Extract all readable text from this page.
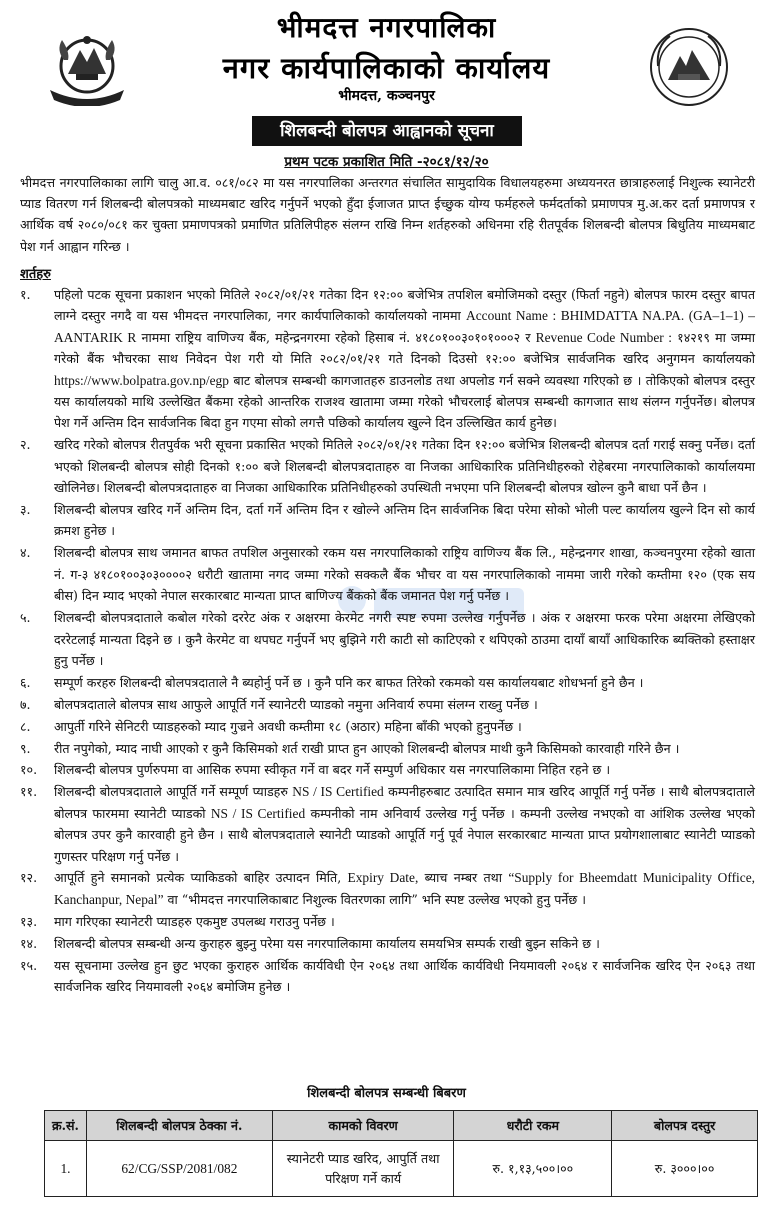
भीमदत्त नगरपालिका
नगर कार्यपालिकाको कार्यालय
भीमदत्त, कञ्चनपुर
शिलबन्दी बोलपत्र आह्वानको सूचना
प्रथम पटक प्रकाशित मिति -२०८१/१२/२०

भीमदत्त नगरपालिकाका लागि चालु आ.व. ०८१/०८२ मा यस नगरपालिका अन्तरगत संचालित सामुदायिक विधालयहरुमा अध्ययनरत छात्राहरुलाई निशुल्क स्यानेटरी प्याड वितरण गर्न शिलबन्दी बोलपत्रको माध्यमबाट खरिद गर्नुपर्ने भएको हुँदा ईजाजत प्राप्त ईच्छुक योग्य फर्महरुले फर्मदर्ताको प्रमाणपत्र मु.अ.कर दर्ता प्रमाणपत्र र आर्थिक वर्ष २०८०/०८१ कर चुक्ता प्रमाणपत्रको प्रमाणित प्रतिलिपीहरु संलग्न राखि निम्न शर्तहरुको अधिनमा रहि रीतपूर्वक शिलबन्दी बोलपत्र बिधुतिय माध्यमबाट पेश गर्न आह्वान गरिन्छ ।

शर्तहरु
१.	पहिलो पटक सूचना प्रकाशन भएको मितिले २०८२/०१/२१ गतेका दिन १२:०० बजेभित्र तपशिल बमोजिमको दस्तुर (फिर्ता नहुने) बोलपत्र फारम दस्तुर बापत लाग्ने दस्तुर नगदै वा यस भीमदत्त नगरपालिका, नगर कार्यपालिकाको कार्यालयको नाममा Account Name : BHIMDATTA NA.PA. (GA–1–1) –AANTARIK R नाममा राष्ट्रिय वाणिज्य बैंक, महेन्द्रनगरमा रहेको हिसाब नं. ४१८०१००३०१०१०००२ र Revenue Code Number : १४२१९ मा जम्मा गरेको बैंक भौचरका साथ निवेदन पेश गरी यो मिति २०८२/०१/२१ गते दिनको दिउसो १२:०० बजेभित्र सार्वजनिक खरिद अनुगमन कार्यालयको https://www.bolpatra.gov.np/egp बाट बोलपत्र सम्बन्धी कागजातहरु डाउनलोड तथा अपलोड गर्न सक्ने व्यवस्था गरिएको छ । तोकिएको बोलपत्र दस्तुर यस कार्यालयको माथि उल्लेखित बैंकमा रहेको आन्तरिक राजश्व खातामा जम्मा गरेको भौचरलाई बोलपत्र सम्बन्धी कागजात साथ संलग्न गर्नुपर्नेछ। बोलपत्र पेश गर्ने अन्तिम दिन सार्वजनिक बिदा हुन गएमा सोको लगत्तै पछिको कार्यालय खुल्ने दिन उल्लिखित कार्य हुनेछ।
२.	खरिद गरेको बोलपत्र रीतपुर्वक भरी सूचना प्रकासित भएको मितिले २०८२/०१/२१ गतेका दिन १२:०० बजेभित्र शिलबन्दी बोलपत्र दर्ता गराई सक्नु पर्नेछ। दर्ता भएको शिलबन्दी बोलपत्र सोही दिनको १:०० बजे शिलबन्दी बोलपत्रदाताहरु वा निजका आधिकारिक प्रतिनिधीहरुको रोहेबरमा नगरपालिकाको कार्यालयमा खोलिनेछ। शिलबन्दी बोलपत्रदाताहरु वा निजका आधिकारिक प्रतिनिधीहरुको उपस्थिती नभएमा पनि शिलबन्दी बोलपत्र खोल्न कुनै बाधा पर्ने छैन ।
३.	शिलबन्दी बोलपत्र खरिद गर्ने अन्तिम दिन, दर्ता गर्ने अन्तिम दिन र खोल्ने अन्तिम दिन सार्वजनिक बिदा परेमा सोको भोली पल्ट कार्यालय खुल्ने दिन सो कार्य क्रमश हुनेछ ।
४.	शिलबन्दी बोलपत्र साथ जमानत बाफत तपशिल अनुसारको रकम यस नगरपालिकाको राष्ट्रिय वाणिज्य बैंक लि., महेन्द्रनगर शाखा, कञ्चनपुरमा रहेको खाता नं. ग-३ ४१८०१००३०३००००२ धरौटी खातामा नगद जम्मा गरेको सक्कलै बैंक भौचर वा यस नगरपालिकाको नाममा जारी गरेको कम्तीमा १२० (एक सय बीस) दिन म्याद भएको नेपाल सरकारबाट मान्यता प्राप्त बाणिज्य बैंकको बैंक जमानत पेश गर्नु पर्नेछ ।
५.	शिलबन्दी बोलपत्रदाताले कबोल गरेको दररेट अंक र अक्षरमा केरमेट नगरी स्पष्ट रुपमा उल्लेख गर्नुपर्नेछ । अंक र अक्षरमा फरक परेमा अक्षरमा लेखिएको दररेटलाई मान्यता दिइने छ । कुनै केरमेट वा थपघट गर्नुपर्ने भए बुझिने गरी काटी सो काटिएको र थपिएको ठाउमा दायाँ बायाँ आधिकारिक ब्यक्तिको हस्ताक्षर हुनु पर्नेछ ।
६.	सम्पूर्ण करहरु शिलबन्दी बोलपत्रदाताले नै ब्यहोर्नु पर्ने छ । कुनै पनि कर बाफत तिरेको रकमको यस कार्यालयबाट शोधभर्ना हुने छैन ।
७.	बोलपत्रदाताले बोलपत्र साथ आफुले आपूर्ति गर्ने स्यानेटरी प्याडको नमुना अनिवार्य रुपमा संलग्न राख्नु पर्नेछ ।
८.	आपुर्ती गरिने सेनिटरी प्याडहरुको म्याद गुज्रने अवधी कम्तीमा १८ (अठार) महिना बाँकी भएको हुनुपर्नेछ ।
९.	रीत नपुगेको, म्याद नाघी आएको र कुनै किसिमको शर्त राखी प्राप्त हुन आएको शिलबन्दी बोलपत्र माथी कुनै किसिमको कारवाही गरिने छैन ।
१०.	शिलबन्दी बोलपत्र पुर्णरुपमा वा आसिक रुपमा स्वीकृत गर्ने वा बदर गर्ने सम्पुर्ण अधिकार यस नगरपालिकामा निहित रहने छ ।
११.	शिलबन्दी बोलपत्रदाताले आपूर्ति गर्ने सम्पूर्ण प्याडहरु NS / IS Certified कम्पनीहरुबाट उत्पादित समान मात्र खरिद आपूर्ति गर्नु पर्नेछ । साथै बोलपत्रदाताले बोलपत्र फारममा स्यानेटी प्याडको NS / IS Certified कम्पनीको नाम अनिवार्य उल्लेख गर्नु पर्नेछ । कम्पनी उल्लेख नभएको वा आंशिक उल्लेख भएको बोलपत्र उपर कुनै कारवाही हुने छैन । साथै बोलपत्रदाताले स्यानेटी प्याडको आपूर्ति गर्नु पूर्व नेपाल सरकारबाट मान्यता प्राप्त प्रयोगशालाबाट स्यानेटी प्याडको गुणस्तर परिक्षण गर्नु पर्नेछ ।
१२.	आपूर्ति हुने समानको प्रत्येक प्याकिडको बाहिर उत्पादन मिति, Expiry Date, ब्याच नम्बर तथा “Supply for Bheemdatt Municipality Office, Kanchanpur, Nepal” वा “भीमदत्त नगरपालिकाबाट निशुल्क वितरणका लागि” भनि स्पष्ट उल्लेख भएको हुनु पर्नेछ ।
१३.	माग गरिएका स्यानेटरी प्याडहरु एकमुष्ट उपलब्ध गराउनु पर्नेछ ।
१४.	शिलबन्दी बोलपत्र सम्बन्धी अन्य कुराहरु बुझ्नु परेमा यस नगरपालिकामा कार्यालय समयभित्र सम्पर्क राखी बुझ्न सकिने छ ।
१५.	यस सूचनामा उल्लेख हुन छुट भएका कुराहरु आर्थिक कार्यविधी ऐन २०६४ तथा आर्थिक कार्यविधी नियमावली २०६४ र सार्वजनिक खरिद ऐन २०६३ तथा सार्वजनिक खरिद नियमावली २०६४ बमोजिम हुनेछ ।
शिलबन्दी बोलपत्र सम्बन्धी बिबरण
क्र.सं.	शिलबन्दी बोलपत्र ठेक्का नं.	कामको विवरण	धरौटी रकम	बोलपत्र दस्तुर
1.	62/CG/SSP/2081/082	स्यानेटरी प्याड खरिद, आपुर्ति तथा परिक्षण गर्ने कार्य	रु. १,१३,५००।००	रु. ३०००।००
